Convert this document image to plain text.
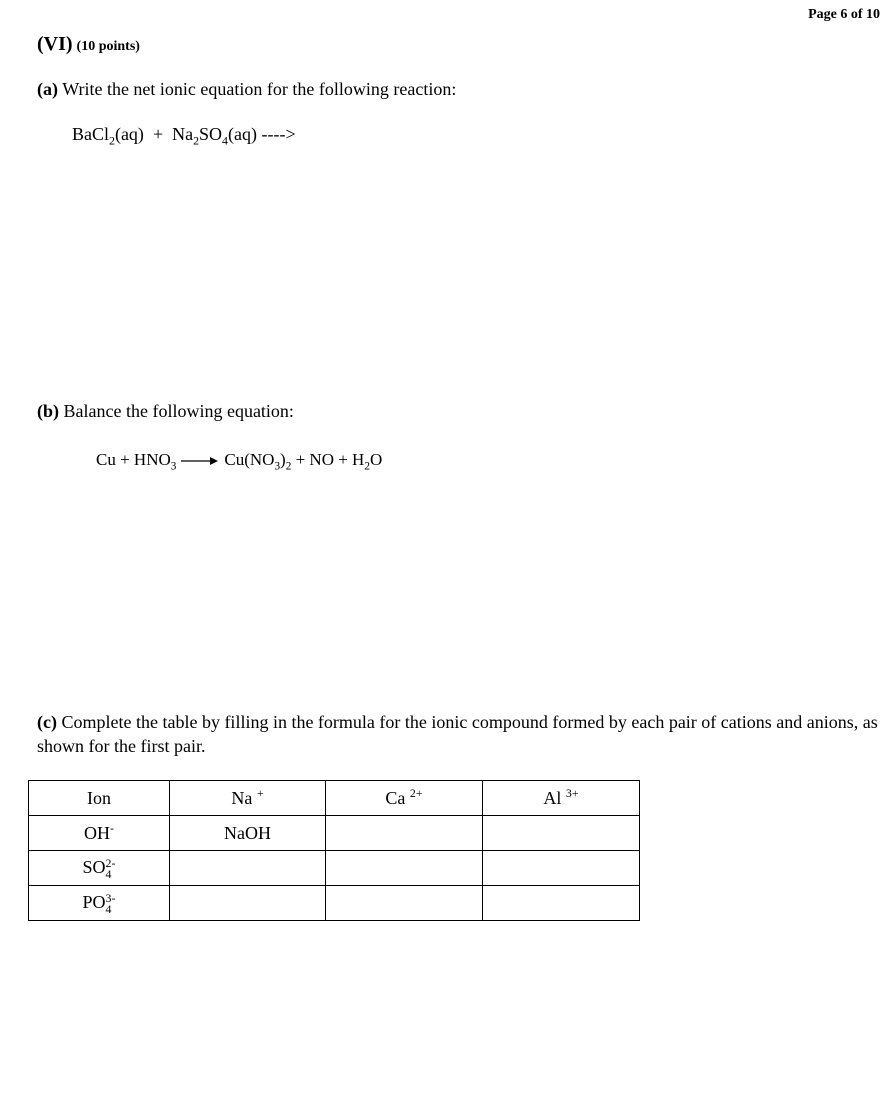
Page 6 of 10
(VI) (10 points)
(a) Write the net ionic equation for the following reaction:
BaCl$_2$(aq) + $Na_2SO_4(aq)$ ---->
(b) Balance the following equation:
$Cu + HNO_3 \to Cu(NO_3)_2$ + NO + $H_2O$
(c) Complete the table by filling in the formula for the ionic compound formed by each pair of cations and anions, as shown for the first pair.
Ion	Na +	Ca $^{2+}$	Al $^{3+}$
OH-	NaOH		
SO 2-
4			

PO 3-
4			
